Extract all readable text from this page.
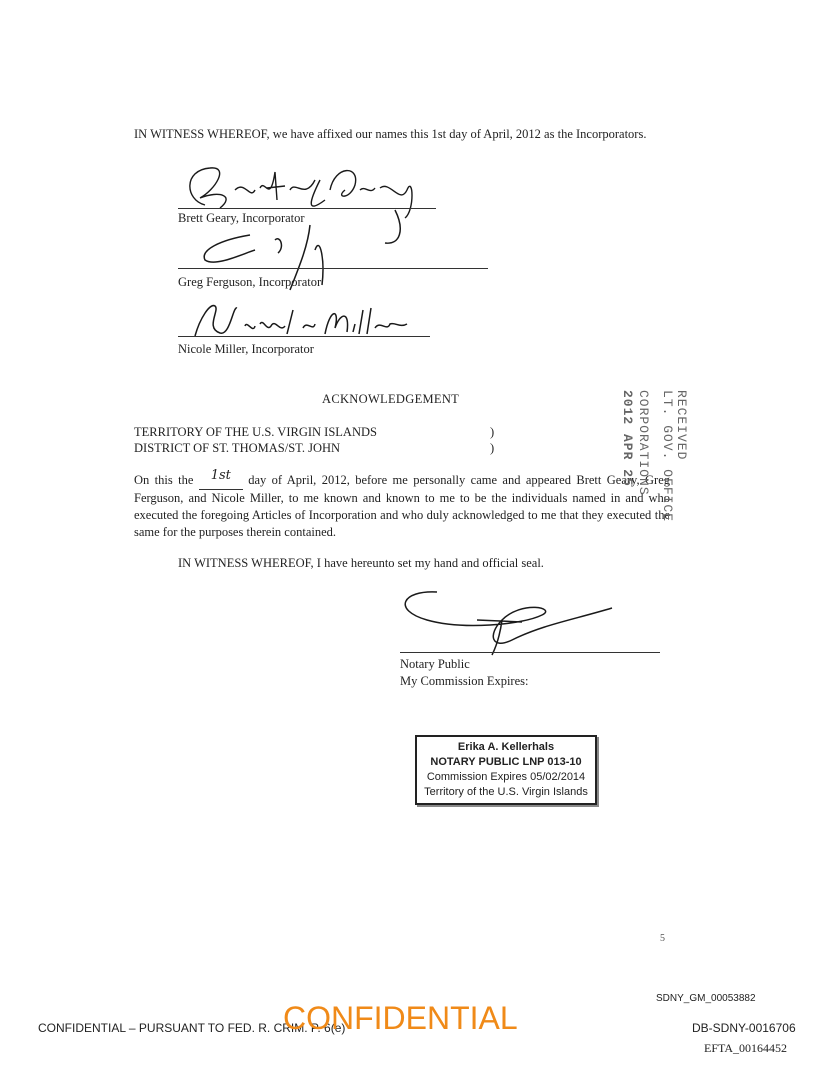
IN WITNESS WHEREOF, we have affixed our names this 1st day of April, 2012 as the Incorporators.
Brett Geary, Incorporator
Greg Ferguson, Incorporator
Nicole Miller, Incorporator
ACKNOWLEDGEMENT
TERRITORY OF THE U.S. VIRGIN ISLANDS
DISTRICT OF ST. THOMAS/ST. JOHN
)
)
On this the 1st day of April, 2012, before me personally came and appeared Brett Geary, Greg Ferguson, and Nicole Miller, to me known and known to me to be the individuals named in and who executed the foregoing Articles of Incorporation and who duly acknowledged to me that they executed the same for the purposes therein contained.
IN WITNESS WHEREOF, I have hereunto set my hand and official seal.
Notary Public
My Commission Expires:
Erika A. Kellerhals
NOTARY PUBLIC LNP 013-10
Commission Expires 05/02/2014
Territory of the U.S. Virgin Islands
2012 APR 25 CORPORATIONS LT. GOV. OFFICE RECEIVED
5
SDNY_GM_00053882
CONFIDENTIAL – PURSUANT TO FED. R. CRIM. P. 6(e)
CONFIDENTIAL	DB-SDNY-0016706
EFTA_00164452
